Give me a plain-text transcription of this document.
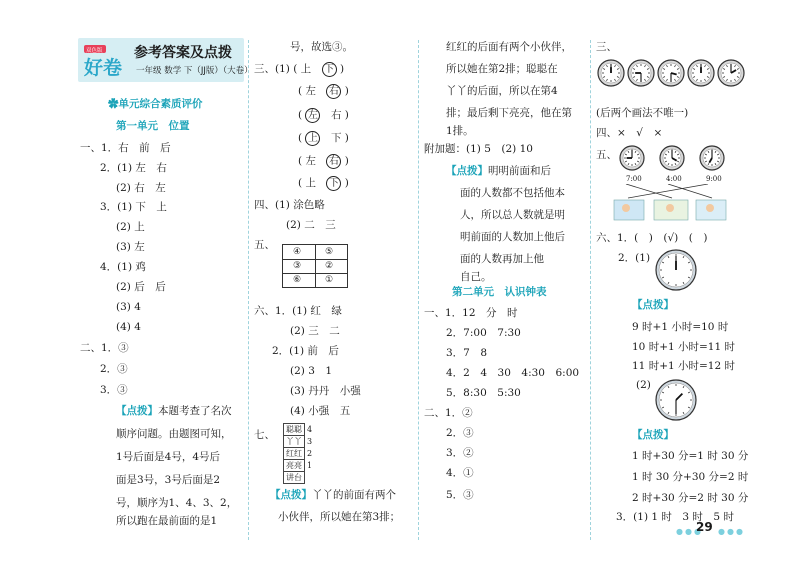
双色版
好卷
参考答案及点拨
一年级 数学 下（JJ版）（大卷）
✿单元综合素质评价
第一单元　位置
一、1．右　前　后
2．(1) 左　右
(2) 右　左
3．(1) 下　上
(2) 上
(3) 左
4．(1) 鸡
(2) 后　后
(3) 4
(4) 4
二、1．③
2．③
3．③
【点拨】本题考查了名次
顺序问题。由题图可知，
1号后面是4号，4号后
面是3号，3号后面是2
号，顺序为1、4、3、2，
所以跑在最前面的是1
号，故选③。
三、(1) ( 上　 下 )
( 左　 右 )
( 左　 右 )
( 上　 下 )
( 左　 右 )
( 上　 下 )
四、(1) 涂色略
(2) 二　三
五、
④	⑤
③	②
⑥	①
六、1．(1) 红　绿
(2) 三　二
2．(1) 前　后
(2) 3　1
(3) 丹丹　小强
(4) 小强　五
七、 聪聪	4
丫丫	3
红红	2
亮亮	1
讲台	
【点拨】丫丫的前面有两个
小伙伴，所以她在第3排；
红红的后面有两个小伙伴，
所以她在第2排；聪聪在
丫丫的后面，所以在第4
排；最后剩下亮亮，他在第
1排。
附加题：(1) 5　(2) 10
【点拨】明明前面和后
面的人数都不包括他本
人，所以总人数就是明
明前面的人数加上他后
面的人数再加上他
自己。
第二单元　认识钟表
一、1．12　分　时
2．7:00　7:30
3．7　8
4．2　4　30　4:30　6:00
5．8:30　5:30
二、1．②
2．③
3．②
4．①
5．③
三、
(后两个画法不唯一)
四、×　√　×
五、
7:00	4:00	9:00
六、1．(　)　(√)　(　)
2．(1)
【点拨】
9 时+1 小时=10 时
10 时+1 小时=11 时
11 时+1 小时=12 时
(2)
【点拨】
1 时+30 分=1 时 30 分
1 时 30 分+30 分=2 时
2 时+30 分=2 时 30 分
3．(1) 1 时　3 时　5 时
●●●
29 ●●●
